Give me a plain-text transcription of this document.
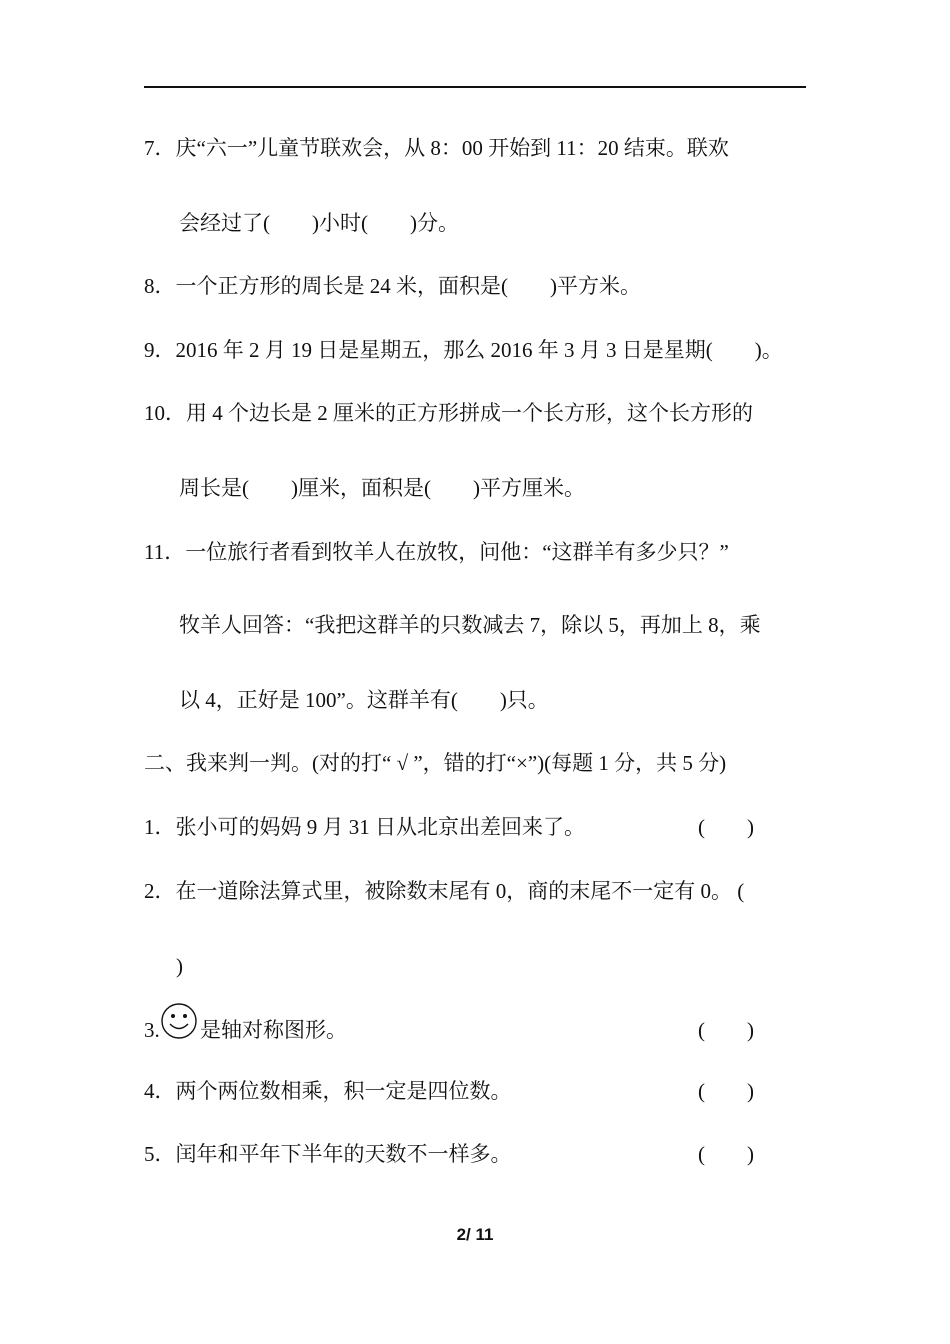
7．庆“六一”儿童节联欢会，从 8：00 开始到 11：20 结束。联欢
会经过了(　　)小时(　　)分。
8．一个正方形的周长是 24 米，面积是(　　)平方米。
9．2016 年 2 月 19 日是星期五，那么 2016 年 3 月 3 日是星期(　　)。
10．用 4 个边长是 2 厘米的正方形拼成一个长方形，这个长方形的
周长是(　　)厘米，面积是(　　)平方厘米。
11．一位旅行者看到牧羊人在放牧，问他：“这群羊有多少只？”
牧羊人回答：“我把这群羊的只数减去 7，除以 5，再加上 8，乘
以 4，正好是 100”。这群羊有(　　)只。
二、我来判一判。(对的打“ √ ”，错的打“×”)(每题 1 分，共 5 分)
1．张小可的妈妈 9 月 31 日从北京出差回来了。	(　　)
2．在一道除法算式里，被除数末尾有 0，商的末尾不一定有 0。 (
)
3. 是轴对称图形。	(　　)
4．两个两位数相乘，积一定是四位数。	(　　)
5．闰年和平年下半年的天数不一样多。	(　　)
2/ 11
